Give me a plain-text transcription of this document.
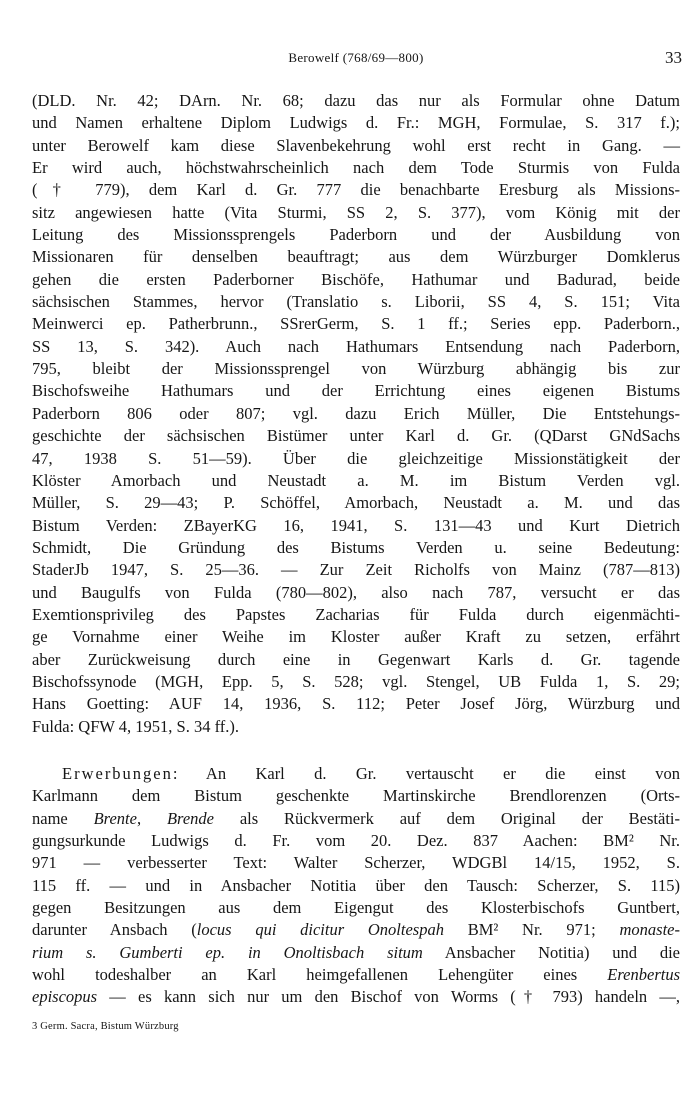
Berowelf (768/69—800)	33

(DLD. Nr. 42; DArn. Nr. 68; dazu das nur als Formular ohne Datum
und Namen erhaltene Diplom Ludwigs d. Fr.: MGH, Formulae, S. 317 f.);
unter Berowelf kam diese Slavenbekehrung wohl erst recht in Gang. —
Er wird auch, höchstwahrscheinlich nach dem Tode Sturmis von Fulda
(† 779), dem Karl d. Gr. 777 die benachbarte Eresburg als Missions-
sitz angewiesen hatte (Vita Sturmi, SS 2, S. 377), vom König mit der
Leitung des Missionssprengels Paderborn und der Ausbildung von
Missionaren für denselben beauftragt; aus dem Würzburger Domklerus
gehen die ersten Paderborner Bischöfe, Hathumar und Badurad, beide
sächsischen Stammes, hervor (Translatio s. Liborii, SS 4, S. 151; Vita
Meinwerci ep. Patherbrunn., SSrerGerm, S. 1 ff.; Series epp. Paderborn.,
SS 13, S. 342). Auch nach Hathumars Entsendung nach Paderborn,
795, bleibt der Missionssprengel von Würzburg abhängig bis zur
Bischofsweihe Hathumars und der Errichtung eines eigenen Bistums
Paderborn 806 oder 807; vgl. dazu Erich Müller, Die Entstehungs-
geschichte der sächsischen Bistümer unter Karl d. Gr. (QDarst GNdSachs
47, 1938 S. 51—59). Über die gleichzeitige Missionstätigkeit der
Klöster Amorbach und Neustadt a. M. im Bistum Verden vgl.
Müller, S. 29—43; P. Schöffel, Amorbach, Neustadt a. M. und das
Bistum Verden: ZBayerKG 16, 1941, S. 131—43 und Kurt Dietrich
Schmidt, Die Gründung des Bistums Verden u. seine Bedeutung:
StaderJb 1947, S. 25—36. — Zur Zeit Richolfs von Mainz (787—813)
und Baugulfs von Fulda (780—802), also nach 787, versucht er das
Exemtionsprivileg des Papstes Zacharias für Fulda durch eigenmächti-
ge Vornahme einer Weihe im Kloster außer Kraft zu setzen, erfährt
aber Zurückweisung durch eine in Gegenwart Karls d. Gr. tagende
Bischofssynode (MGH, Epp. 5, S. 528; vgl. Stengel, UB Fulda 1, S. 29;
Hans Goetting: AUF 14, 1936, S. 112; Peter Josef Jörg, Würzburg und
Fulda: QFW 4, 1951, S. 34 ff.).

Erwerbungen: An Karl d. Gr. vertauscht er die einst von
Karlmann dem Bistum geschenkte Martinskirche Brendlorenzen (Orts-
name Brente, Brende als Rückvermerk auf dem Original der Bestäti-
gungsurkunde Ludwigs d. Fr. vom 20. Dez. 837 Aachen: BM² Nr.
971 — verbesserter Text: Walter Scherzer, WDGBl 14/15, 1952, S.
115 ff. — und in Ansbacher Notitia über den Tausch: Scherzer, S. 115)
gegen Besitzungen aus dem Eigengut des Klosterbischofs Guntbert,
darunter Ansbach (locus qui dicitur Onoltespah BM² Nr. 971; monaste-
rium s. Gumberti ep. in Onoltisbach situm Ansbacher Notitia) und die
wohl todeshalber an Karl heimgefallenen Lehengüter eines Erenbertus
episcopus — es kann sich nur um den Bischof von Worms († 793) handeln —,

3 Germ. Sacra, Bistum Würzburg
